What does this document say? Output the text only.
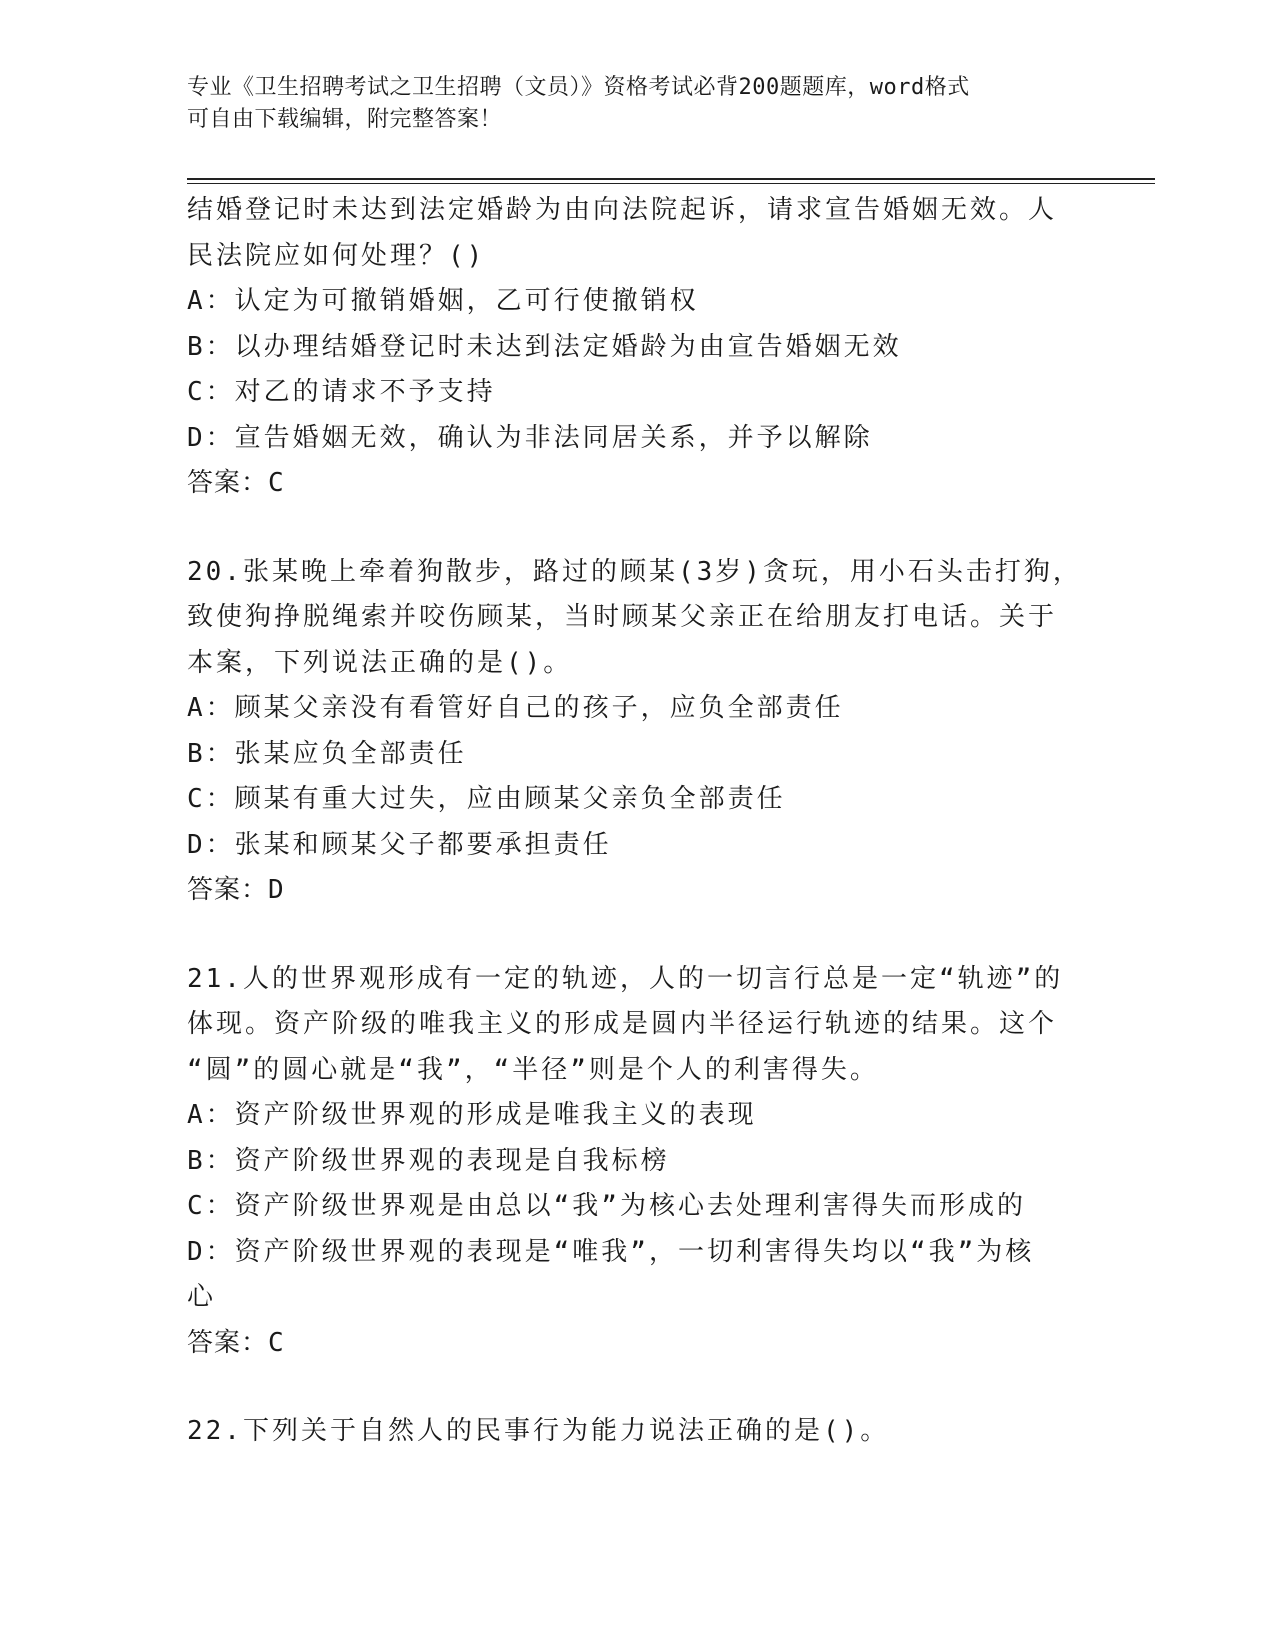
专业《卫生招聘考试之卫生招聘（文员）》资格考试必背200题题库，word格式
可自由下载编辑，附完整答案！
结婚登记时未达到法定婚龄为由向法院起诉，请求宣告婚姻无效。人
民法院应如何处理？()
A：认定为可撤销婚姻，乙可行使撤销权
B：以办理结婚登记时未达到法定婚龄为由宣告婚姻无效
C：对乙的请求不予支持
D：宣告婚姻无效，确认为非法同居关系，并予以解除
答案：C
20.张某晚上牵着狗散步，路过的顾某(3岁)贪玩，用小石头击打狗，
致使狗挣脱绳索并咬伤顾某，当时顾某父亲正在给朋友打电话。关于
本案，下列说法正确的是()。
A：顾某父亲没有看管好自己的孩子，应负全部责任
B：张某应负全部责任
C：顾某有重大过失，应由顾某父亲负全部责任
D：张某和顾某父子都要承担责任
答案：D
21.人的世界观形成有一定的轨迹，人的一切言行总是一定“轨迹”的
体现。资产阶级的唯我主义的形成是圆内半径运行轨迹的结果。这个
“圆”的圆心就是“我”，“半径”则是个人的利害得失。
A：资产阶级世界观的形成是唯我主义的表现
B：资产阶级世界观的表现是自我标榜
C：资产阶级世界观是由总以“我”为核心去处理利害得失而形成的
D：资产阶级世界观的表现是“唯我”，一切利害得失均以“我”为核
心
答案：C
22.下列关于自然人的民事行为能力说法正确的是()。
